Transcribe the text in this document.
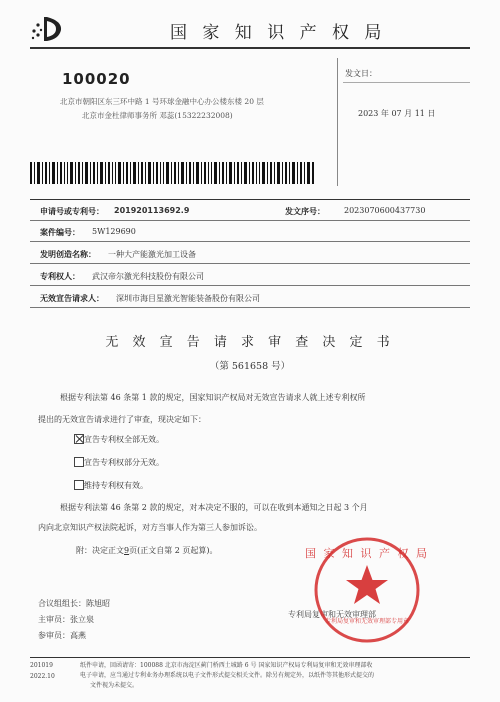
国 家 知 识 产 权 局
100020
北京市朝阳区东三环中路 1 号环球金融中心办公楼东楼 20 层
北京市金杜律师事务所 邓蕊(15322232008)
发文日：
2023 年 07 月 11 日
申请号或专利号： 201920113692.9	发文序号： 2023070600437730
案件编号： 5W129690
发明创造名称： 一种大产能激光加工设备
专利权人： 武汉帝尔激光科技股份有限公司
无效宣告请求人： 深圳市海目星激光智能装备股份有限公司
无 效 宣 告 请 求 审 查 决 定 书
（第 561658 号）
根据专利法第 46 条第 1 款的规定，国家知识产权局对无效宣告请求人就上述专利权所
提出的无效宣告请求进行了审查，现决定如下：
宣告专利权全部无效。
宣告专利权部分无效。
维持专利权有效。
根据专利法第 46 条第 2 款的规定，对本决定不服的，可以在收到本通知之日起 3 个月
内向北京知识产权法院起诉，对方当事人作为第三人参加诉讼。
附：决定正文9页(正文自第 2 页起算)。
合议组组长：陈旭昭
主审员：张立泉
参审员：高燕
专利局复审和无效审理部
国 家 知 识 产 权 局
专利局复审和无效审理部专用章
201019
2022.10
纸件申请，回函请寄：100088 北京市海淀区蓟门桥西土城路 6 号 国家知识产权局专利局复审和无效审理部收
电子申请，应当通过专利业务办理系统以电子文件形式提交相关文件。除另有规定外，以纸件等其他形式提交的
文件视为未提交。
